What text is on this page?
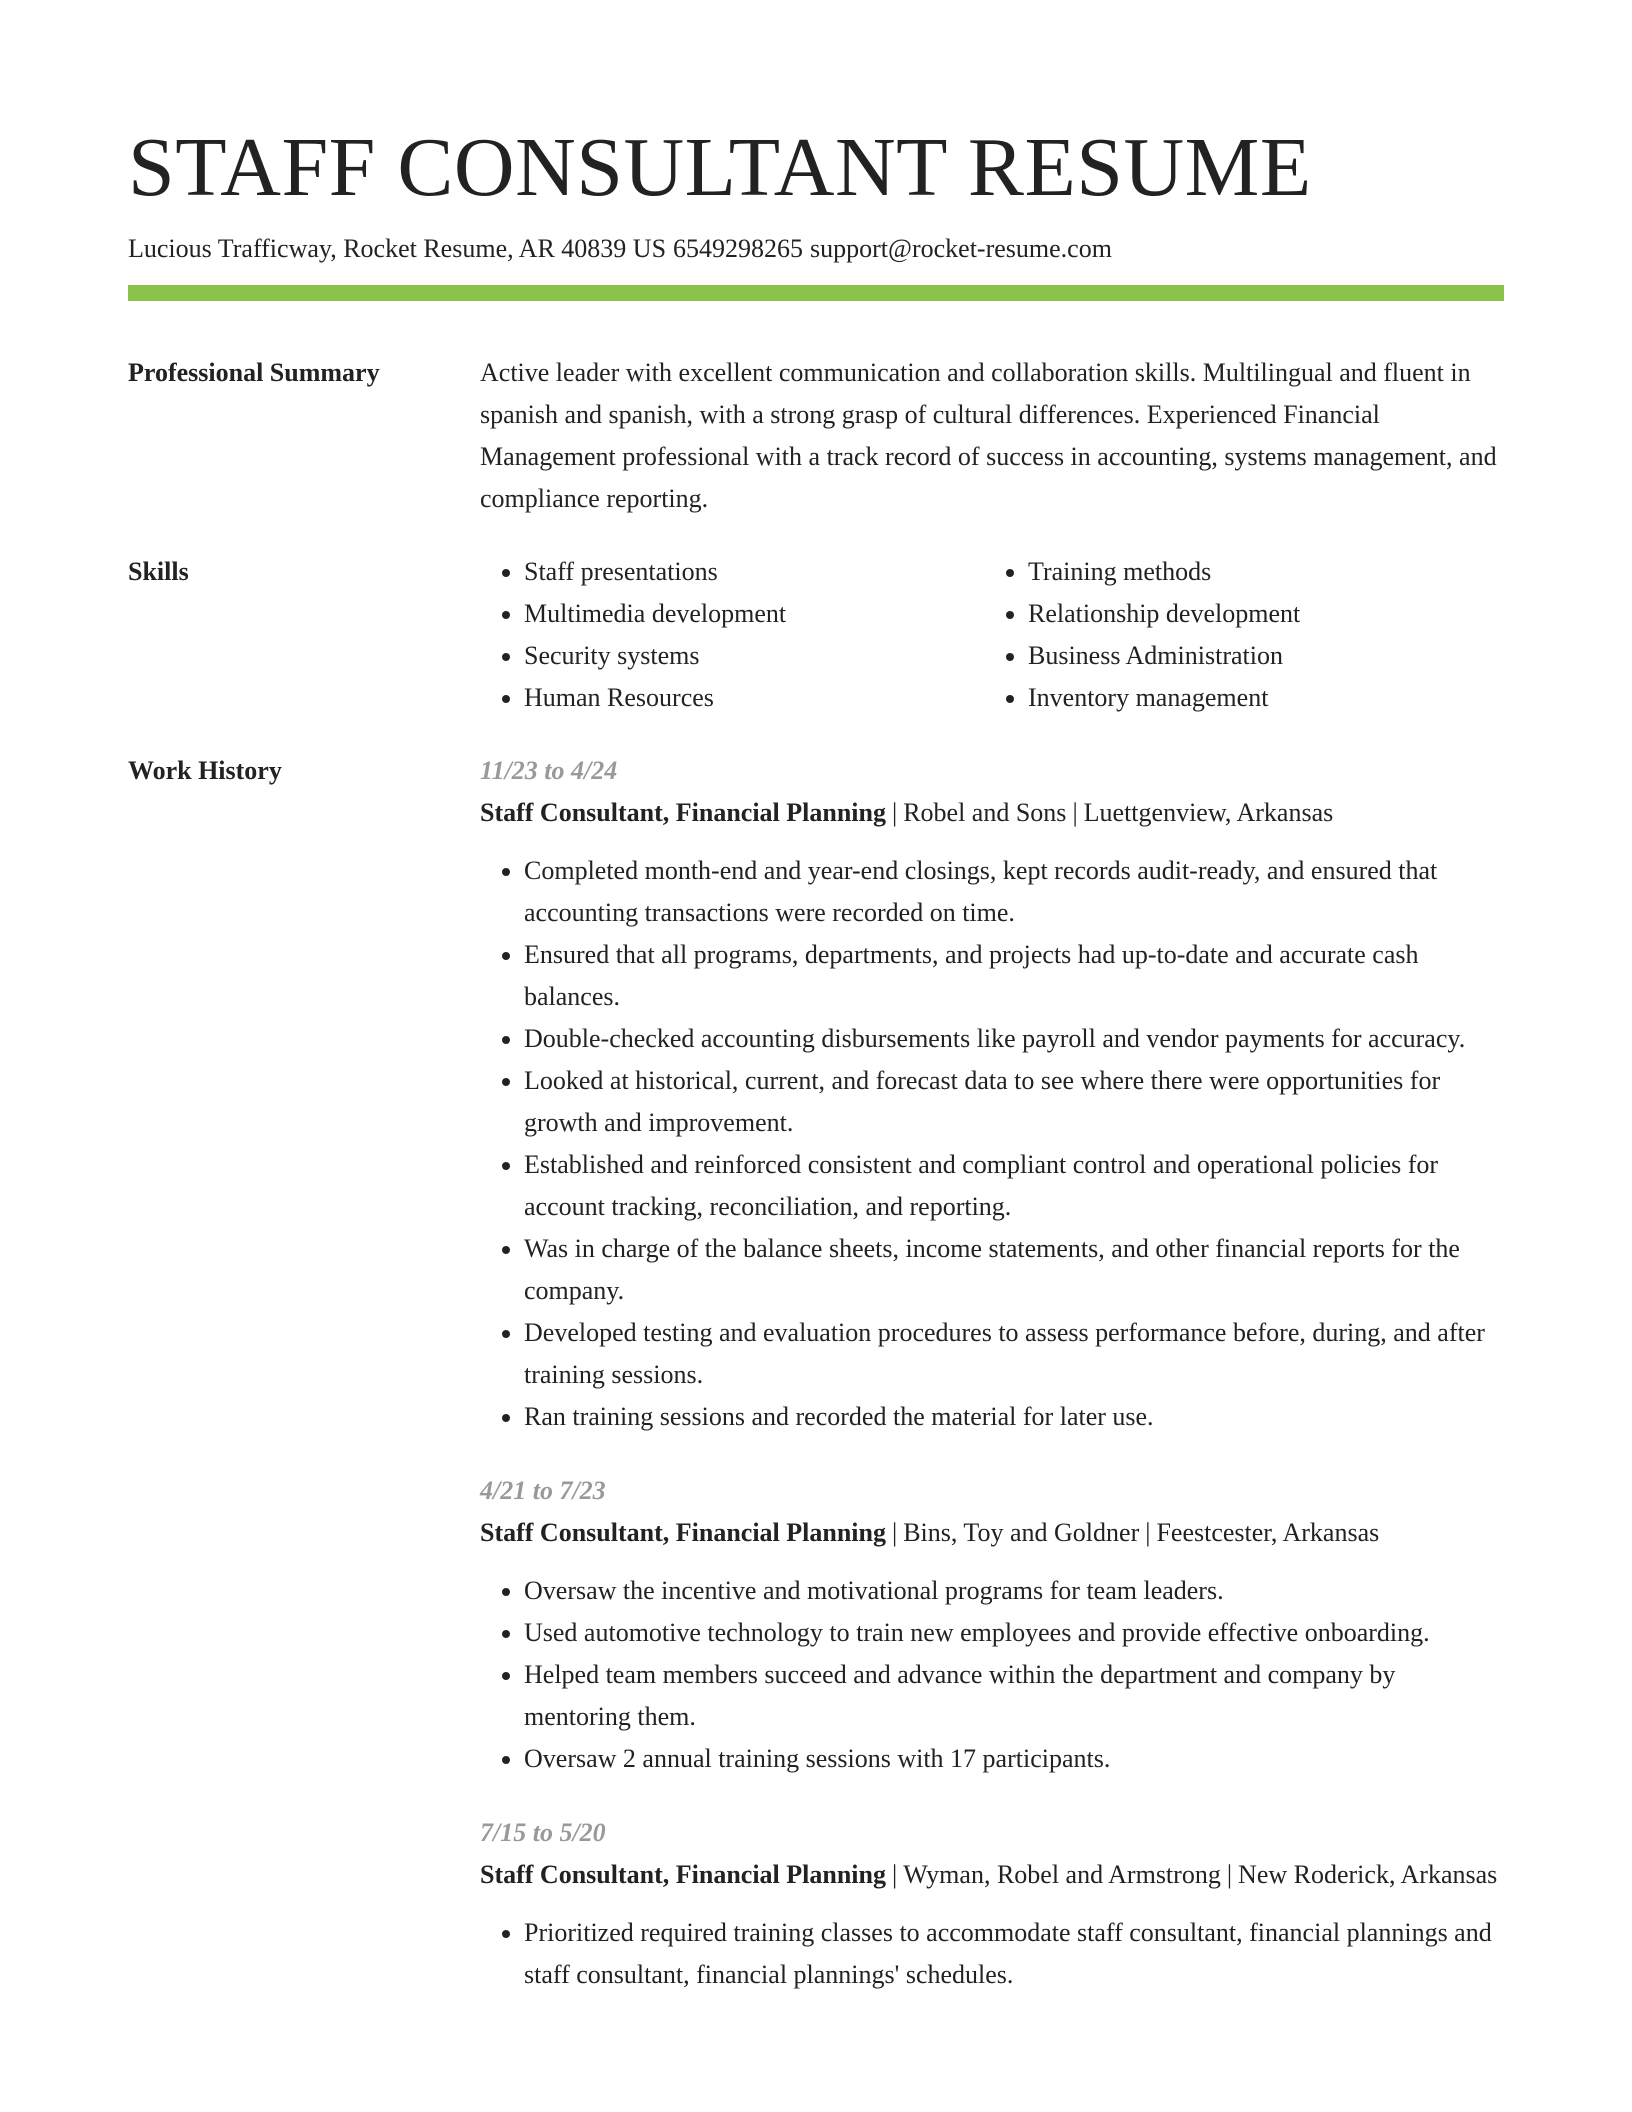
STAFF CONSULTANT RESUME
Lucious Trafficway, Rocket Resume, AR 40839 US 6549298265 support@rocket-resume.com
Professional Summary	Active leader with excellent communication and collaboration skills. Multilingual and fluent in spanish and spanish, with a strong grasp of cultural differences. Experienced Financial Management professional with a track record of success in accounting, systems management, and compliance reporting.

Skills
•	Staff presentations
• Multimedia development
• Security systems
• Human Resources
• Training methods
• Relationship development
• Business Administration
• Inventory management
Work History	11/23 to 4/24
Staff Consultant, Financial Planning | Robel and Sons | Luettgenview, Arkansas
• Completed month-end and year-end closings, kept records audit-ready, and ensured that accounting transactions were recorded on time.
• Ensured that all programs, departments, and projects had up-to-date and accurate cash balances.
• Double-checked accounting disbursements like payroll and vendor payments for accuracy.
• Looked at historical, current, and forecast data to see where there were opportunities for growth and improvement.
• Established and reinforced consistent and compliant control and operational policies for account tracking, reconciliation, and reporting.
• Was in charge of the balance sheets, income statements, and other financial reports for the company.
• Developed testing and evaluation procedures to assess performance before, during, and after training sessions.
• Ran training sessions and recorded the material for later use.
4/21 to 7/23
Staff Consultant, Financial Planning | Bins, Toy and Goldner | Feestcester, Arkansas
• Oversaw the incentive and motivational programs for team leaders.
• Used automotive technology to train new employees and provide effective onboarding.
• Helped team members succeed and advance within the department and company by mentoring them.
• Oversaw 2 annual training sessions with 17 participants.
7/15 to 5/20
Staff Consultant, Financial Planning | Wyman, Robel and Armstrong | New Roderick, Arkansas
• Prioritized required training classes to accommodate staff consultant, financial plannings and staff consultant, financial plannings' schedules.
